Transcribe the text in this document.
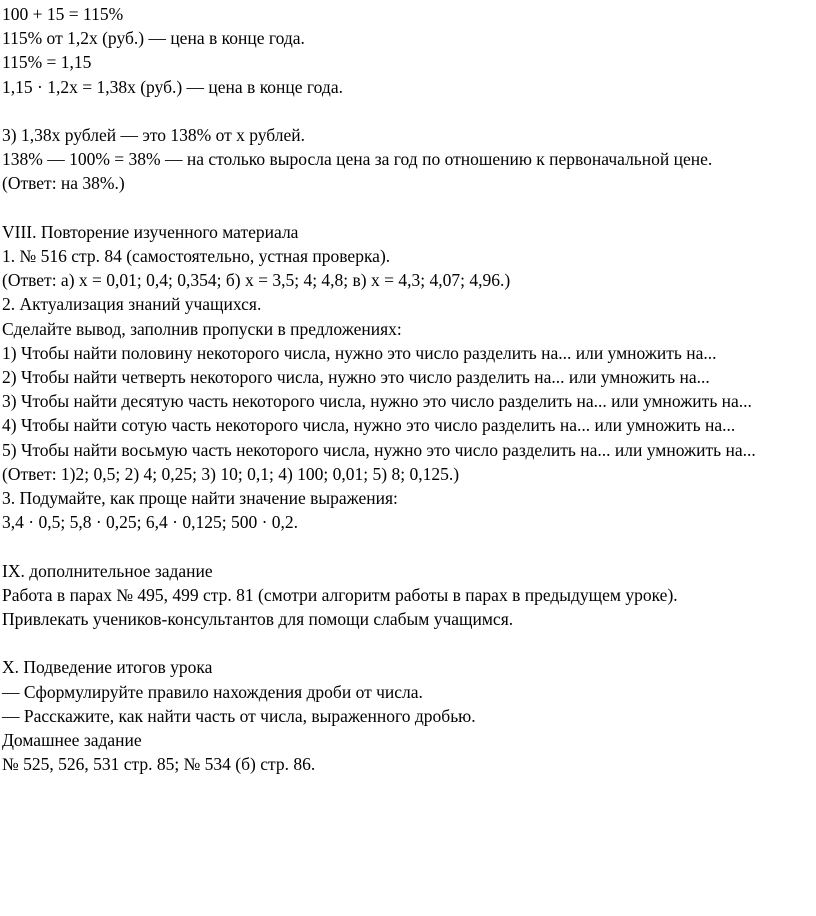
100 + 15 = 115%
115% от 1,2x (руб.) — цена в конце года.
115% = 1,15
1,15 · 1,2x = 1,38x (руб.) — цена в конце года.
3) 1,38x рублей — это 138% от x рублей.
138% — 100% = 38% — на столько выросла цена за год по отношению к первоначальной цене.
(Ответ: на 38%.)
VIII. Повторение изученного материала
1. № 516 стр. 84 (самостоятельно, устная проверка).
(Ответ: а) х = 0,01; 0,4; 0,354; б) х = 3,5; 4; 4,8; в) х = 4,3; 4,07; 4,96.)
2. Актуализация знаний учащихся.
Сделайте вывод, заполнив пропуски в предложениях:
1) Чтобы найти половину некоторого числа, нужно это число разделить на... или умножить на...
2) Чтобы найти четверть некоторого числа, нужно это число разделить на... или умножить на...
3) Чтобы найти десятую часть некоторого числа, нужно это число разделить на... или умножить на...
4) Чтобы найти сотую часть некоторого числа, нужно это число разделить на... или умножить на...
5) Чтобы найти восьмую часть некоторого числа, нужно это число разделить на... или умножить на...
(Ответ: 1)2; 0,5; 2) 4; 0,25; 3) 10; 0,1; 4) 100; 0,01; 5) 8; 0,125.)
3. Подумайте, как проще найти значение выражения:
3,4 · 0,5; 5,8 · 0,25; 6,4 · 0,125; 500 · 0,2.
IX. дополнительное задание
Работа в парах № 495, 499 стр. 81 (смотри алгоритм работы в парах в предыдущем уроке).
Привлекать учеников-консультантов для помощи слабым учащимся.
X. Подведение итогов урока
— Сформулируйте правило нахождения дроби от числа.
— Расскажите, как найти часть от числа, выраженного дробью.
Домашнее задание
№ 525, 526, 531 стр. 85; № 534 (б) стр. 86.
